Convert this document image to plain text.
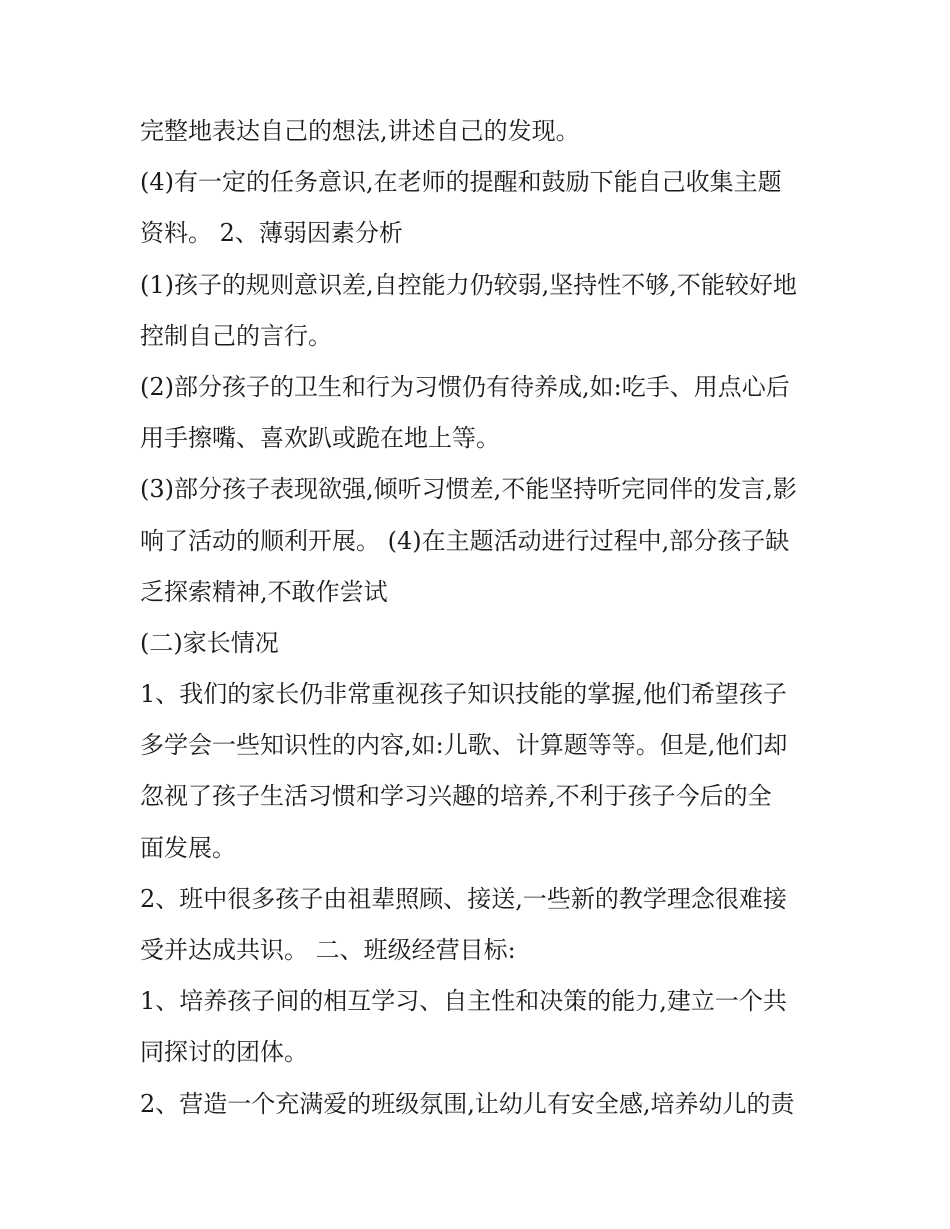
完整地表达自己的想法,讲述自己的发现。
(4)有一定的任务意识,在老师的提醒和鼓励下能自己收集主题
资料。 2、薄弱因素分析
(1)孩子的规则意识差,自控能力仍较弱,坚持性不够,不能较好地
控制自己的言行。
(2)部分孩子的卫生和行为习惯仍有待养成,如:吃手、用点心后
用手擦嘴、喜欢趴或跪在地上等。
(3)部分孩子表现欲强,倾听习惯差,不能坚持听完同伴的发言,影
响了活动的顺利开展。 (4)在主题活动进行过程中,部分孩子缺
乏探索精神,不敢作尝试
(二)家长情况
1、我们的家长仍非常重视孩子知识技能的掌握,他们希望孩子
多学会一些知识性的内容,如:儿歌、计算题等等。但是,他们却
忽视了孩子生活习惯和学习兴趣的培养,不利于孩子今后的全
面发展。
2、班中很多孩子由祖辈照顾、接送,一些新的教学理念很难接
受并达成共识。 二、班级经营目标:
1、培养孩子间的相互学习、自主性和决策的能力,建立一个共
同探讨的团体。
2、营造一个充满爱的班级氛围,让幼儿有安全感,培养幼儿的责
